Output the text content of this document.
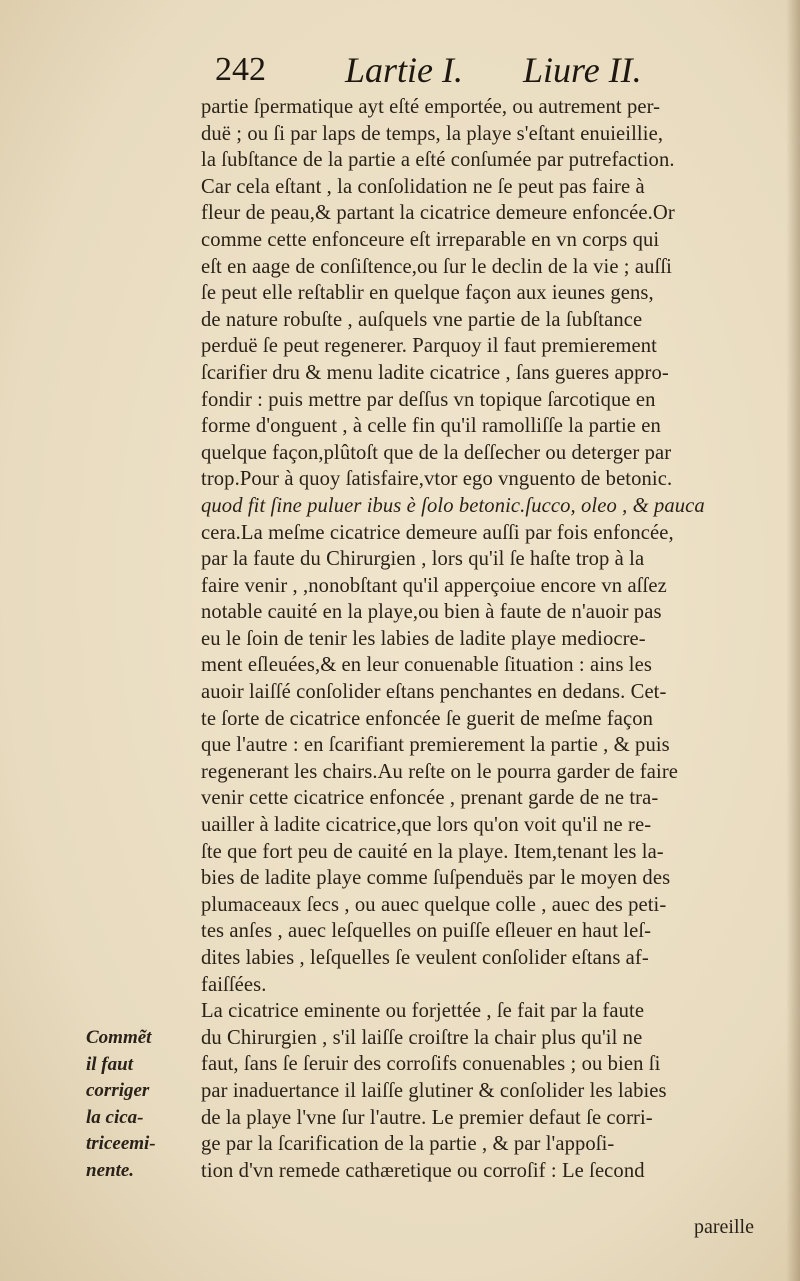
242 Lartie I. Liure II.
partie ſpermatique ayt eſté emportée, ou autrement per-
duë ; ou ſi par laps de temps, la playe s'eſtant enuieillie,
la ſubſtance de la partie a eſté conſumée par putrefaction.
Car cela eſtant , la conſolidation ne ſe peut pas faire à
fleur de peau,& partant la cicatrice demeure enfoncée.Or
comme cette enfonceure eſt irreparable en vn corps qui
eſt en aage de conſiſtence,ou ſur le declin de la vie ; auſſi
ſe peut elle reſtablir en quelque façon aux ieunes gens,
de nature robuſte , auſquels vne partie de la ſubſtance
perduë ſe peut regenerer. Parquoy il faut premierement
ſcarifier dru & menu ladite cicatrice , ſans gueres appro-
fondir : puis mettre par deſſus vn topique ſarcotique en
forme d'onguent , à celle fin qu'il ramolliſſe la partie en
quelque façon,plûtoſt que de la deſſecher ou deterger par
trop.Pour à quoy ſatisfaire,vtor ego vnguento de betonic.
quod fit ſine puluer ibus è ſolo betonic.ſucco, oleo , & pauca
cera.La meſme cicatrice demeure auſſi par fois enfoncée,
par la faute du Chirurgien , lors qu'il ſe haſte trop à la
faire venir , ,nonobſtant qu'il apperçoiue encore vn aſſez
notable cauité en la playe,ou bien à faute de n'auoir pas
eu le ſoin de tenir les labies de ladite playe mediocre-
ment eſleuées,& en leur conuenable ſituation : ains les
auoir laiſſé conſolider eſtans penchantes en dedans. Cet-
te ſorte de cicatrice enfoncée ſe guerit de meſme façon
que l'autre : en ſcarifiant premierement la partie , & puis
regenerant les chairs.Au reſte on le pourra garder de faire
venir cette cicatrice enfoncée , prenant garde de ne tra-
uailler à ladite cicatrice,que lors qu'on voit qu'il ne re-
ſte que fort peu de cauité en la playe. Item,tenant les la-
bies de ladite playe comme ſuſpenduës par le moyen des
plumaceaux ſecs , ou auec quelque colle , auec des peti-
tes anſes , auec leſquelles on puiſſe eſleuer en haut leſ-
dites labies , leſquelles ſe veulent conſolider eſtans af-
faiſſées.
La cicatrice eminente ou forjettée , ſe fait par la faute
du Chirurgien , s'il laiſſe croiſtre la chair plus qu'il ne
faut, ſans ſe ſeruir des corroſifs conuenables ; ou bien ſi
par inaduertance il laiſſe glutiner & conſolider les labies
de la playe l'vne ſur l'autre. Le premier defaut ſe corri-
ge par la ſcarification de la partie , & par l'appoſi-
tion d'vn remede cathæretique ou corroſif : Le ſecond
Commẽt
il faut
corriger
la cica-
triceemi-
nente.
pareille
